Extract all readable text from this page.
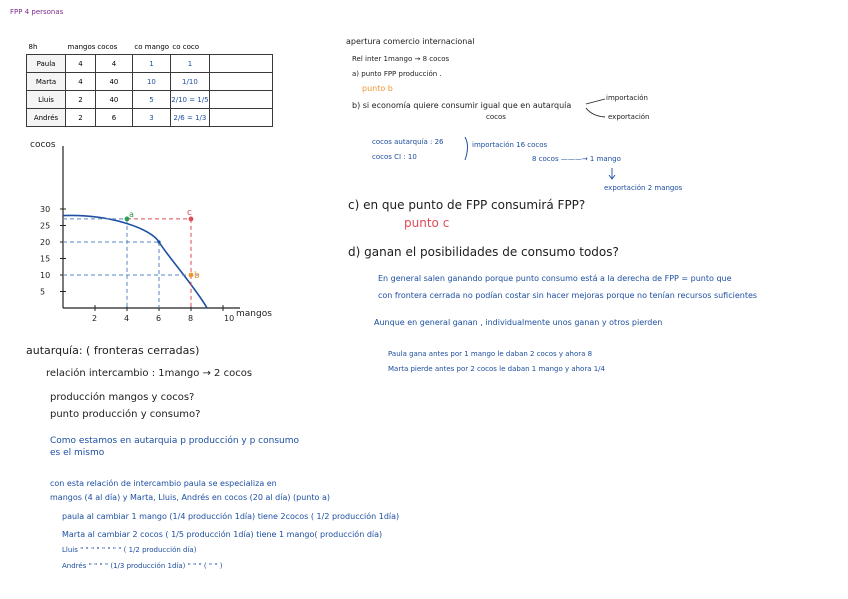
FPP 4 personas
8h	mangos	cocos	co mango	co coco	
Paula	4	4	1	1	
Marta	4	40	10	1/10	
Lluis	2	40	5	2/10 = 1/5	
Andrés	2	6	3	2/6 = 1/3	
cocos
mangos
30
25
20
15
10
5
2	4	6	8	10
a
b
c
autarquía: ( fronteras cerradas)
relación intercambio : 1mango → 2 cocos
producción mangos y cocos?
punto producción y consumo?
Como estamos en autarquia p producción y p consumo
es el mismo
con esta relación de intercambio paula se especializa en
mangos (4 al día) y Marta, Lluis, Andrés en cocos (20 al día) (punto a)
paula al cambiar 1 mango (1/4 producción 1día) tiene 2cocos ( 1/2 producción 1día)
Marta al cambiar 2 cocos ( 1/5 producción 1día) tiene 1 mango( producción día)
Lluis " " " " " " " " ( 1/2 producción día)
Andrés " " " " (1/3 producción 1día) " " " ( " " )
apertura comercio internacional
Rel inter 1mango → 8 cocos
a) punto FPP producción .
punto b
b) si economía quiere consumir igual que en autarquía
cocos
importación
exportación
cocos autarquía : 26
cocos CI : 10
importación 16 cocos
8 cocos ———→ 1 mango
exportación 2 mangos
c) en que punto de FPP consumirá FPP?
punto c
d) ganan el posibilidades de consumo todos?
En general salen ganando porque punto consumo está a la derecha de FPP = punto que
con frontera cerrada no podían costar sin hacer mejoras porque no tenían recursos suficientes
Aunque en general ganan , individualmente unos ganan y otros pierden
Paula gana antes por 1 mango le daban 2 cocos y ahora 8
Marta pierde antes por 2 cocos le daban 1 mango y ahora 1/4
